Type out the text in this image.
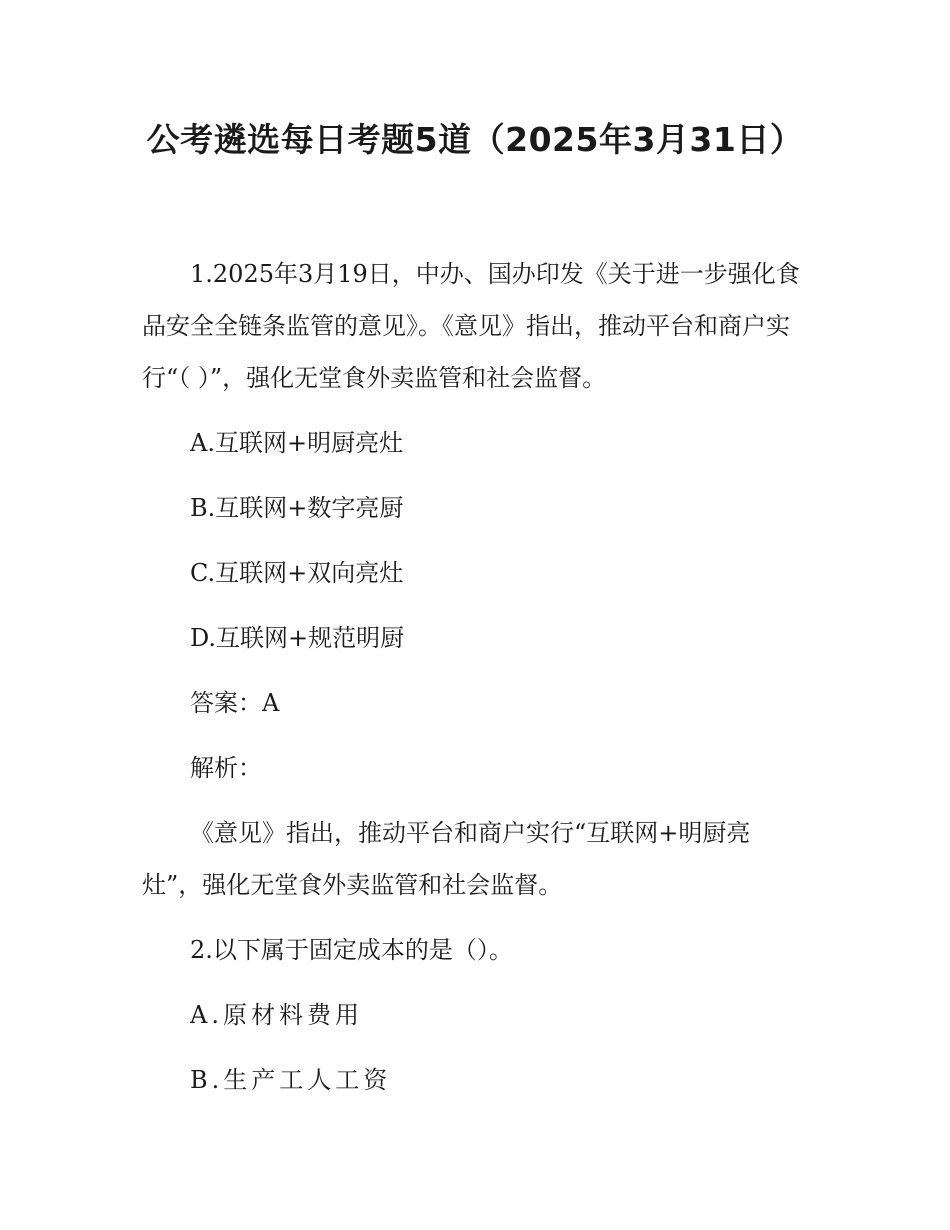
公考遴选每日考题5道（2025年3月31日）

1.2025年3月19日，中办、国办印发《关于进一步强化食品安全全链条监管的意见》。《意见》指出，推动平台和商户实行“（ ）”，强化无堂食外卖监管和社会监督。

A.互联网+明厨亮灶

B.互联网+数字亮厨

C.互联网+双向亮灶

D.互联网+规范明厨

答案：A

解析：

《意见》指出，推动平台和商户实行“互联网+明厨亮灶”，强化无堂食外卖监管和社会监督。

2.以下属于固定成本的是（）。

A.原材料费用

B.生产工人工资
